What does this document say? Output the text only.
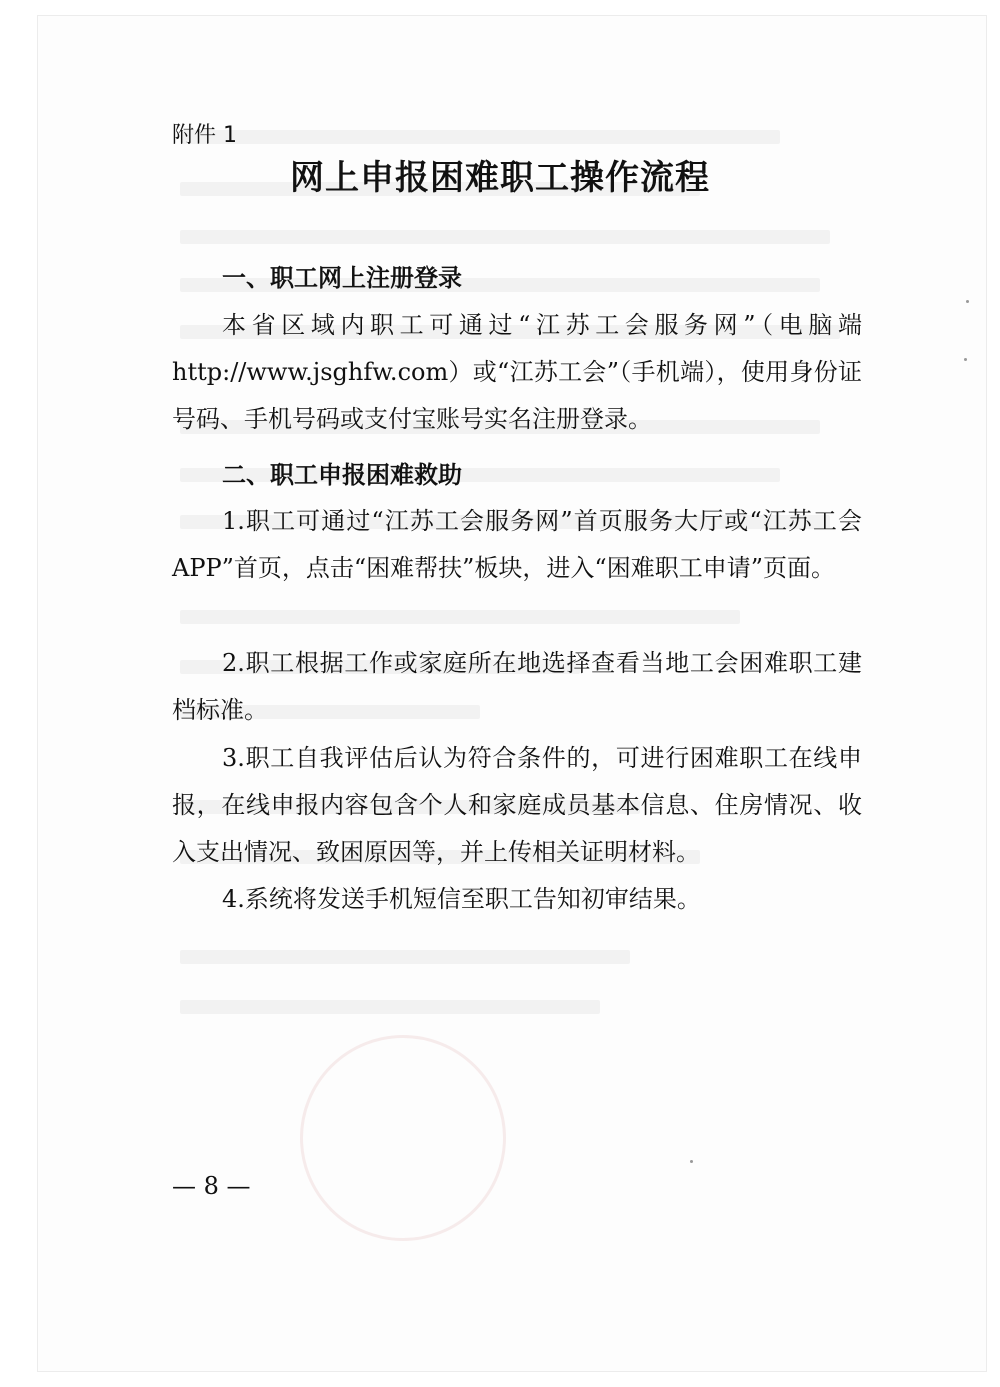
附件 1
网上申报困难职工操作流程
一、职工网上注册登录
本省区域内职工可通过“江苏工会服务网”（电脑端 http://www.jsghfw.com）或“江苏工会”（手机端），使用身份证号码、手机号码或支付宝账号实名注册登录。
二、职工申报困难救助
1.职工可通过“江苏工会服务网”首页服务大厅或“江苏工会 APP”首页，点击“困难帮扶”板块，进入“困难职工申请”页面。
2.职工根据工作或家庭所在地选择查看当地工会困难职工建档标准。
3.职工自我评估后认为符合条件的，可进行困难职工在线申报，在线申报内容包含个人和家庭成员基本信息、住房情况、收入支出情况、致困原因等，并上传相关证明材料。
4.系统将发送手机短信至职工告知初审结果。
— 8 —
